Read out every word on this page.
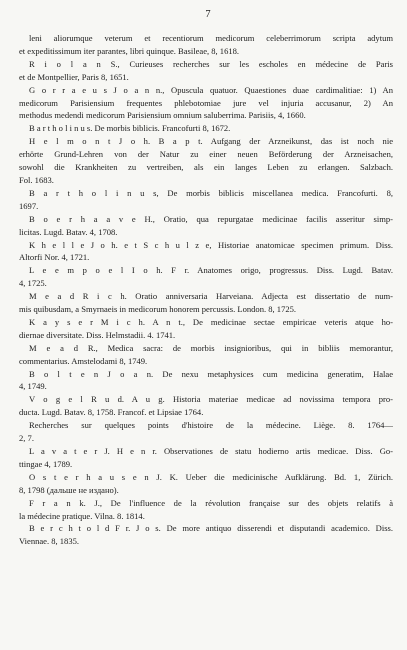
7
leni aliorumque veterum et recentiorum medicorum celeberrimorum scripta adytum
et expeditissimum iter parantes, libri quinque. Basileae, 8, 1618.
R i o l a n S., Curieuses recherches sur les escholes en médecine de Paris
et de Montpellier, Paris 8, 1651.
G o r r a e u s J o a n n., Opuscula quatuor. Quaestiones duae cardimalitiae: 1) An
medicorum Parisiensium frequentes phlebotomiae jure vel injuria accusanur, 2) An
methodus medendi medicorum Parisiensium omnium saluberrima. Parisiis, 4, 1660.
B a r t h o l i n u s. De morbis biblicis. Francofurti 8, 1672.
H e l m o n t J o h. B a p t. Aufgang der Arzneikunst, das ist noch nie
erhörte Grund-Lehren von der Natur zu einer neuen Beförderung der Arzneisachen,
sowohl die Krankheiten zu vertreiben, als ein langes Leben zu erlangen. Salzbach.
Fol. 1683.
B a r t h o l i n u s, De morbis biblicis miscellanea medica. Francofurti. 8,
1697.
B o e r h a a v e H., Oratio, qua repurgatae medicinae facilis asseritur simp-
licitas. Lugd. Batav. 4, 1708.
K h e l l e J o h. e t S c h u l z e, Historiae anatomicae specimen primum. Diss.
Altorfi Nor. 4, 1721.
L e e m p o e l I o h. F r. Anatomes origo, progressus. Diss. Lugd. Batav.
4, 1725.
M e a d R i c h. Oratio anniversaria Harveiana. Adjecta est dissertatio de num-
mis quibusdam, a Smyrnaeis in medicorum honorem percussis. London. 8, 1725.
K a y s e r M i c h. A n t., De medicinae sectae empiricae veteris atque ho-
diernae diversitate. Diss. Helmstadii. 4. 1741.
M e a d R., Medica sacra: de morbis insignioribus, qui in bibliis memorantur,
commentarius. Amstelodami 8, 1749.
B o l t e n J o a n. De nexu metaphysices cum medicina generatim, Halae
4, 1749.
V o g e l R u d. A u g. Historia materiae medicae ad novissima tempora pro-
ducta. Lugd. Batav. 8, 1758. Francof. et Lipsiae 1764.
Recherches sur quelques points d'histoire de la médecine. Liège. 8. 1764—
2, 7.
L a v a t e r J. H e n r. Observationes de statu hodierno artis medicae. Diss. Go-
ttingae 4, 1789.
O s t e r h a u s e n J. K. Ueber die medicinische Aufklärung. Bd. 1, Zürich.
8, 1798 (дальше не издано).
F r a n k. J., De l'influence de la révolution française sur des objets relatifs à
la médecine pratique. Vilna. 8. 1814.
B e r c h t o l d F r. J o s. De more antiquo disserendi et disputandi academico. Diss.
Viennae. 8, 1835.
